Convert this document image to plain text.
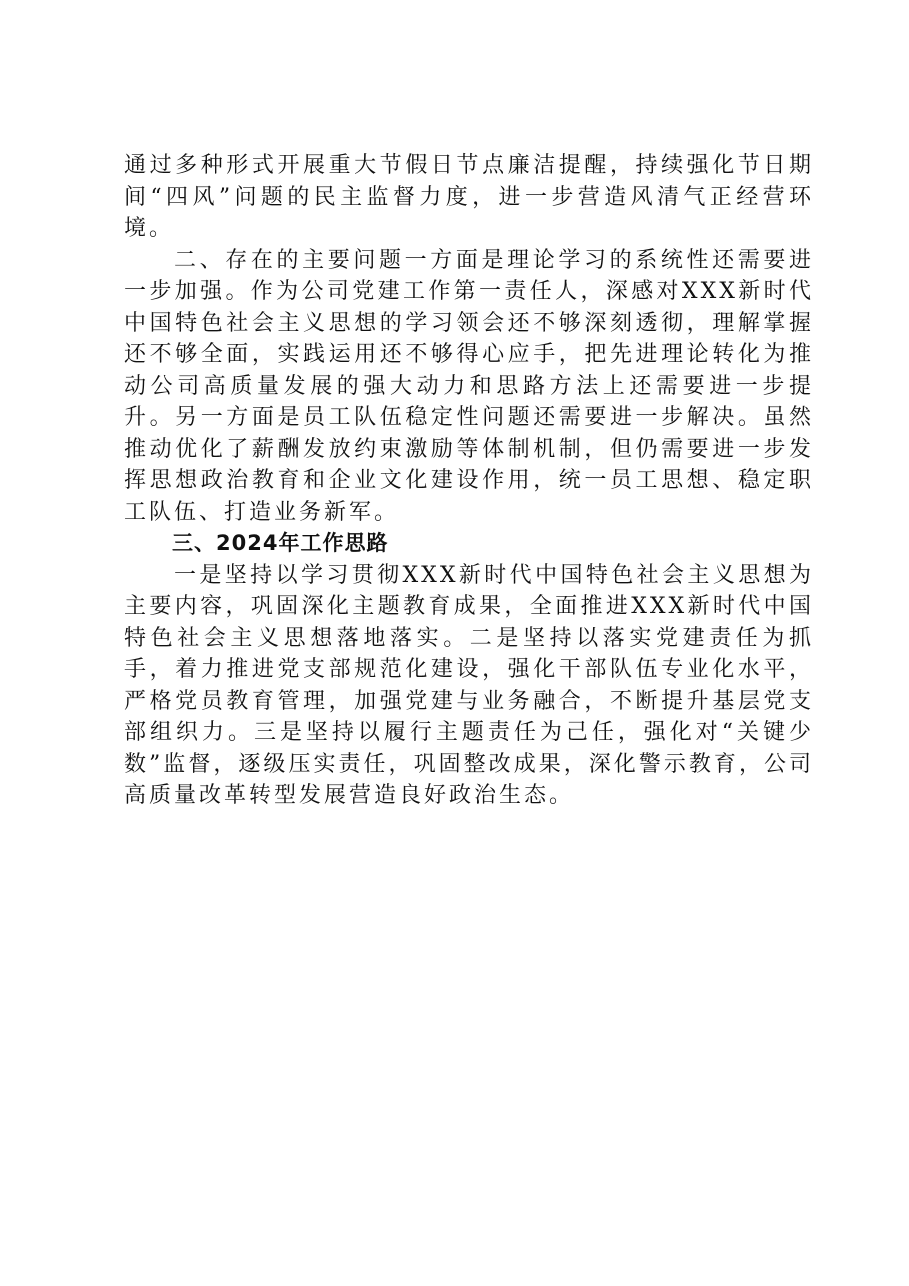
通过多种形式开展重大节假日节点廉洁提醒，持续强化节日期间“四风”问题的民主监督力度，进一步营造风清气正经营环境。

二、存在的主要问题一方面是理论学习的系统性还需要进一步加强。作为公司党建工作第一责任人，深感对XXX新时代中国特色社会主义思想的学习领会还不够深刻透彻，理解掌握还不够全面，实践运用还不够得心应手，把先进理论转化为推动公司高质量发展的强大动力和思路方法上还需要进一步提升。另一方面是员工队伍稳定性问题还需要进一步解决。虽然推动优化了薪酬发放约束激励等体制机制，但仍需要进一步发挥思想政治教育和企业文化建设作用，统一员工思想、稳定职工队伍、打造业务新军。

三、2024年工作思路

一是坚持以学习贯彻XXX新时代中国特色社会主义思想为主要内容，巩固深化主题教育成果，全面推进XXX新时代中国特色社会主义思想落地落实。二是坚持以落实党建责任为抓手，着力推进党支部规范化建设，强化干部队伍专业化水平，严格党员教育管理，加强党建与业务融合，不断提升基层党支部组织力。三是坚持以履行主题责任为己任，强化对“关键少数”监督，逐级压实责任，巩固整改成果，深化警示教育，公司高质量改革转型发展营造良好政治生态。
